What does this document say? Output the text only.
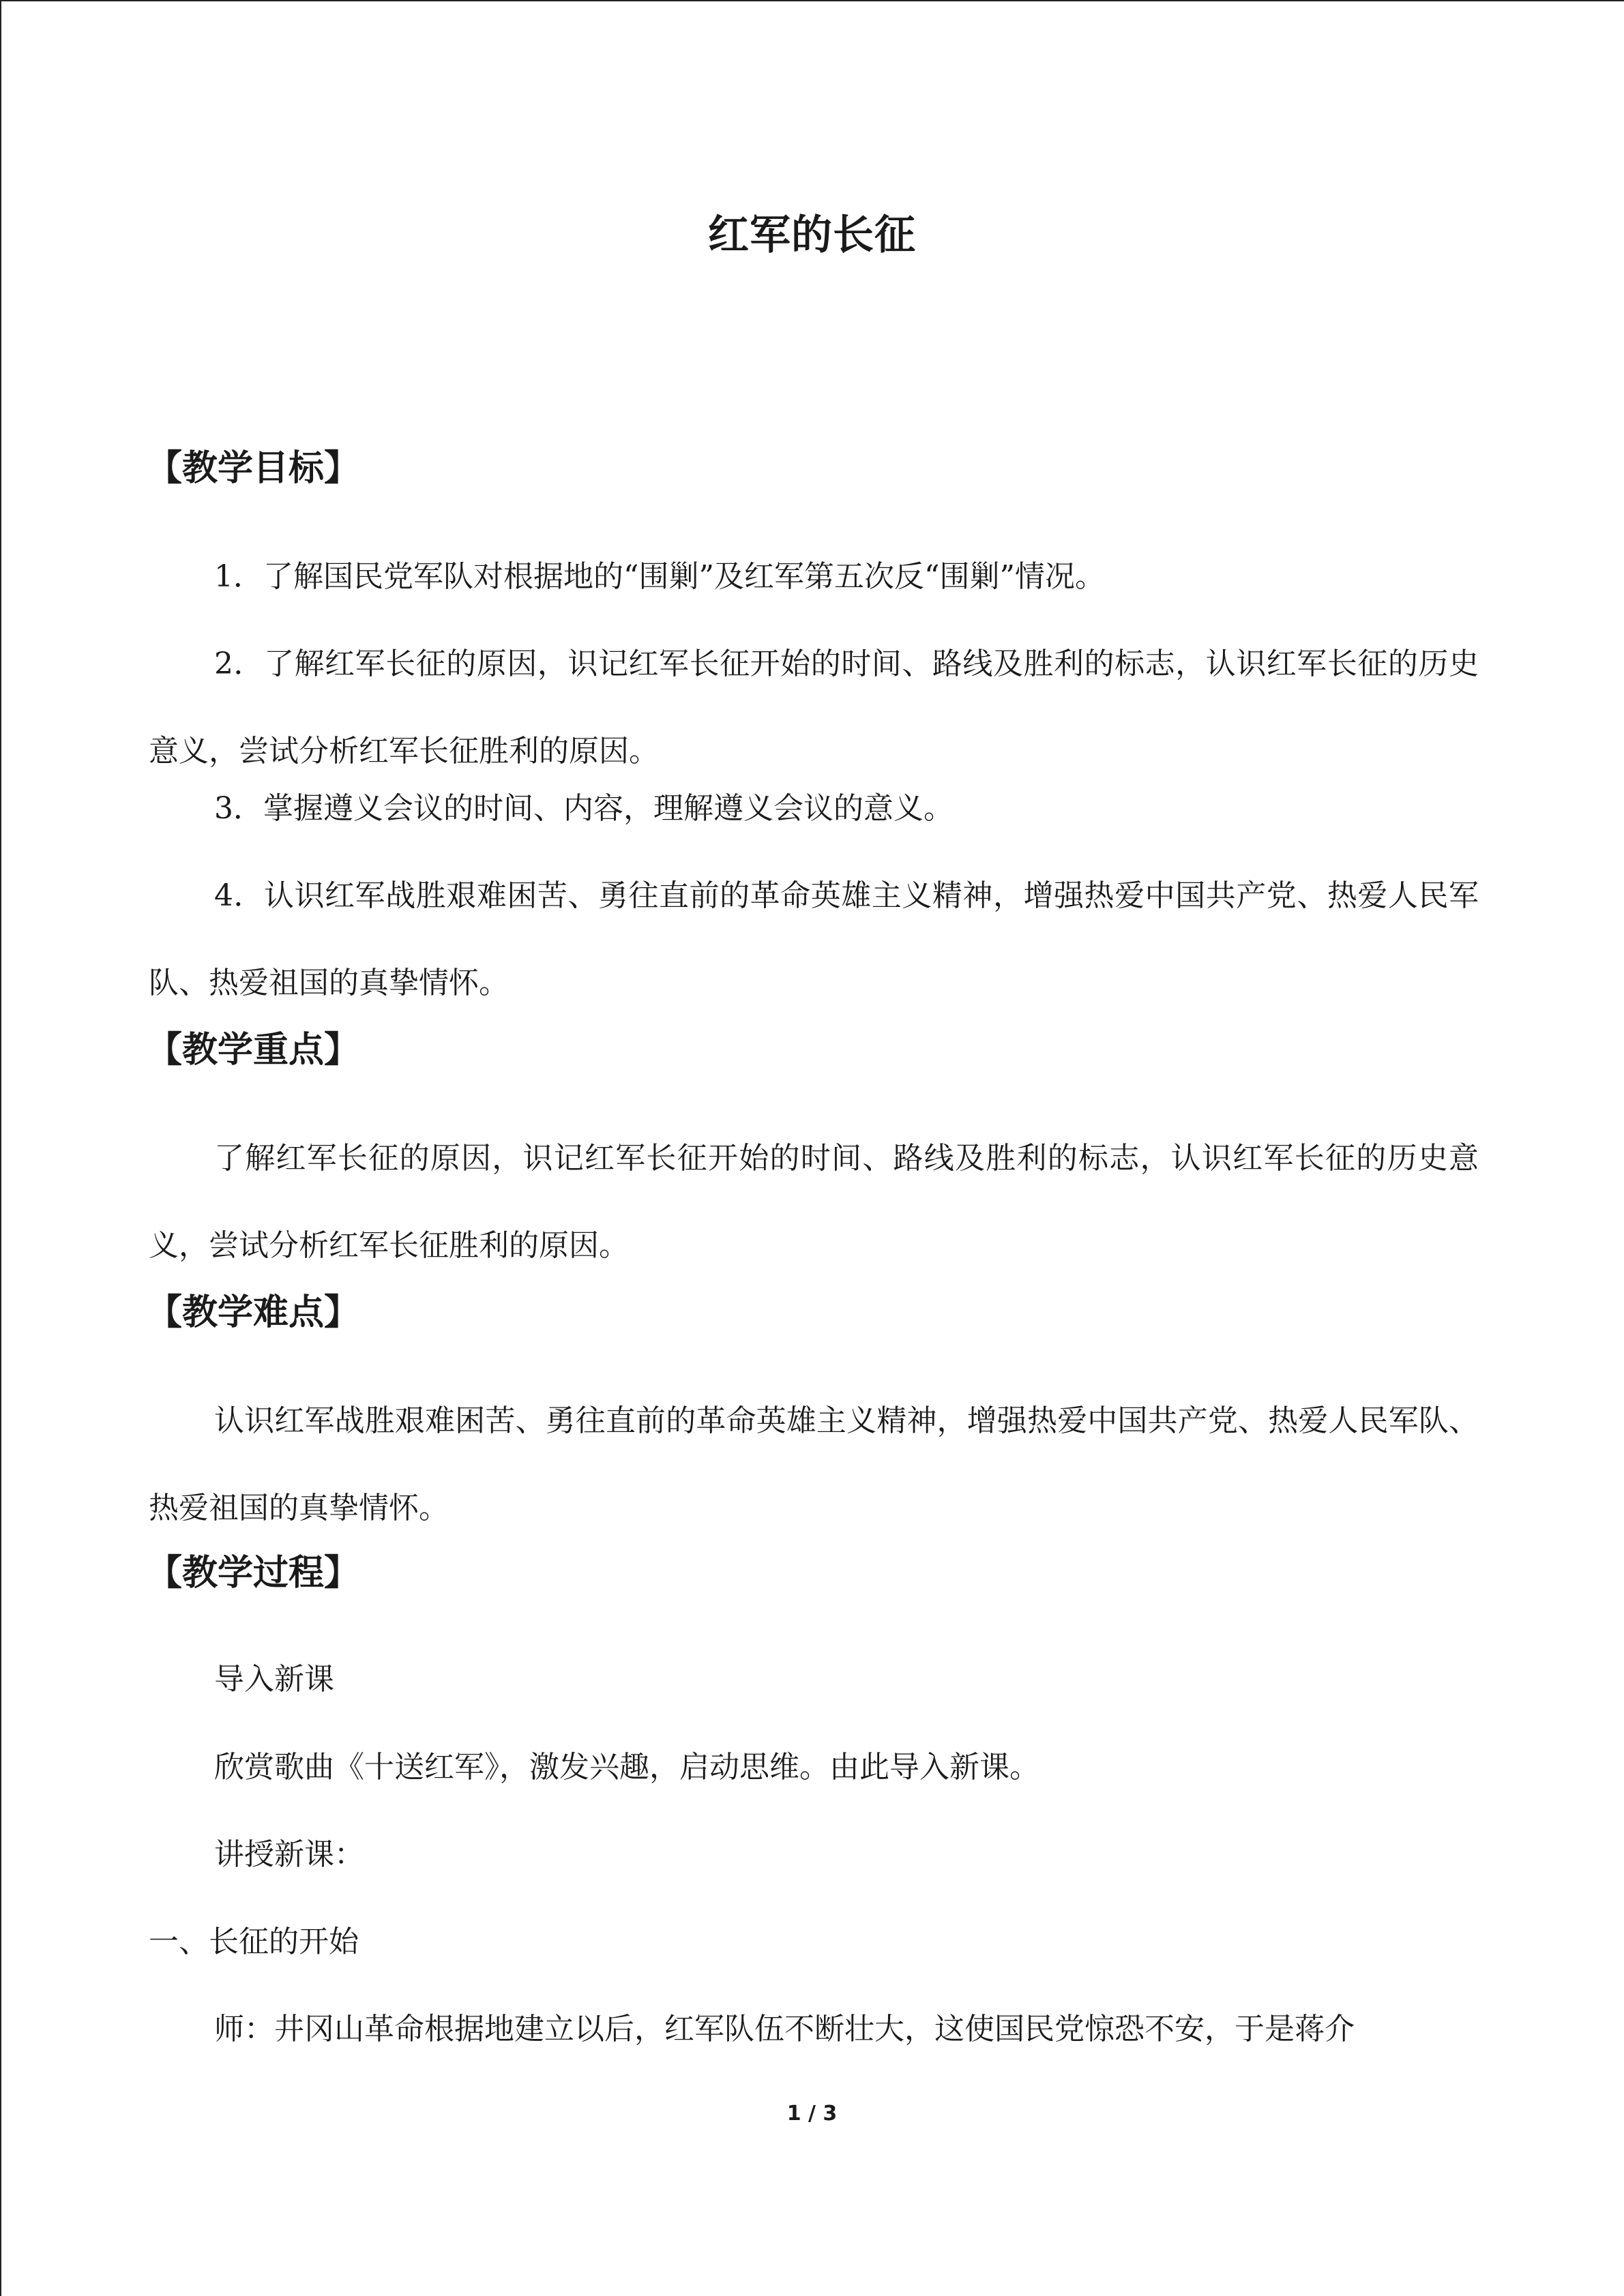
红军的长征
【教学目标】
1．了解国民党军队对根据地的“围剿”及红军第五次反“围剿”情况。
2．了解红军长征的原因，识记红军长征开始的时间、路线及胜利的标志，认识红军长征的历史意义，尝试分析红军长征胜利的原因。
3．掌握遵义会议的时间、内容，理解遵义会议的意义。
4．认识红军战胜艰难困苦、勇往直前的革命英雄主义精神，增强热爱中国共产党、热爱人民军队、热爱祖国的真挚情怀。
【教学重点】
了解红军长征的原因，识记红军长征开始的时间、路线及胜利的标志，认识红军长征的历史意义，尝试分析红军长征胜利的原因。
【教学难点】
认识红军战胜艰难困苦、勇往直前的革命英雄主义精神，增强热爱中国共产党、热爱人民军队、热爱祖国的真挚情怀。
【教学过程】
导入新课
欣赏歌曲《十送红军》，激发兴趣，启动思维。由此导入新课。
讲授新课：
一、长征的开始
师：井冈山革命根据地建立以后，红军队伍不断壮大，这使国民党惊恐不安，于是蒋介
1 / 3
